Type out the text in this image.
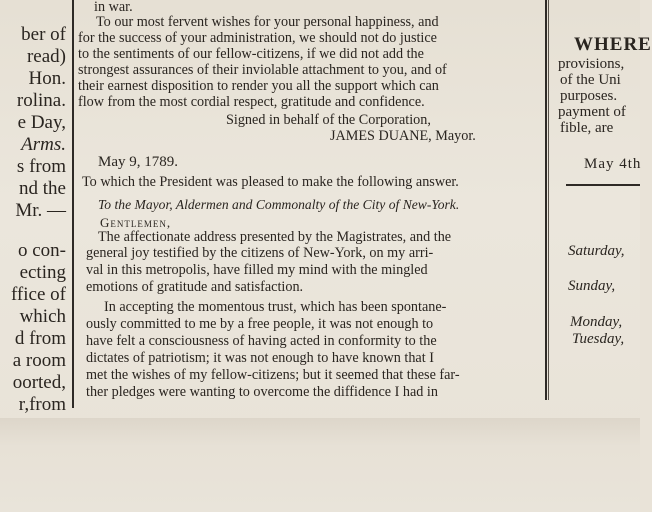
ber of
read)
Hon.
rolina.
e Day,
Arms.
s from
nd the
Mr. —
o con-
ecting
ffice of
which
d from
a room
oorted,
r,from
in war.
To our most fervent wishes for your personal happiness, and
for the success of your administration, we should not do justice
to the sentiments of our fellow-citizens, if we did not add the
strongest assurances of their inviolable attachment to you, and of
their earnest disposition to render you all the support which can
flow from the most cordial respect, gratitude and confidence.
Signed in behalf of the Corporation,
JAMES DUANE, Mayor.
May 9, 1789.
To which the President was pleased to make the following answer.
To the Mayor, Aldermen and Commonalty of the City of New-York.
Gentlemen,
The affectionate address presented by the Magistrates, and the
general joy testified by the citizens of New-York, on my arri-
val in this metropolis, have filled my mind with the mingled
emotions of gratitude and satisfaction.
In accepting the momentous trust, which has been spontane-
ously committed to me by a free people, it was not enough to
have felt a consciousness of having acted in conformity to the
dictates of patriotism; it was not enough to have known that I
met the wishes of my fellow-citizens; but it seemed that these far-
ther pledges were wanting to overcome the diffidence I had in
WHERE
provisions,
of the Uni
purposes.
payment of
fible, are
May 4th
Saturday,
Sunday,
Monday,
Tuesday,
